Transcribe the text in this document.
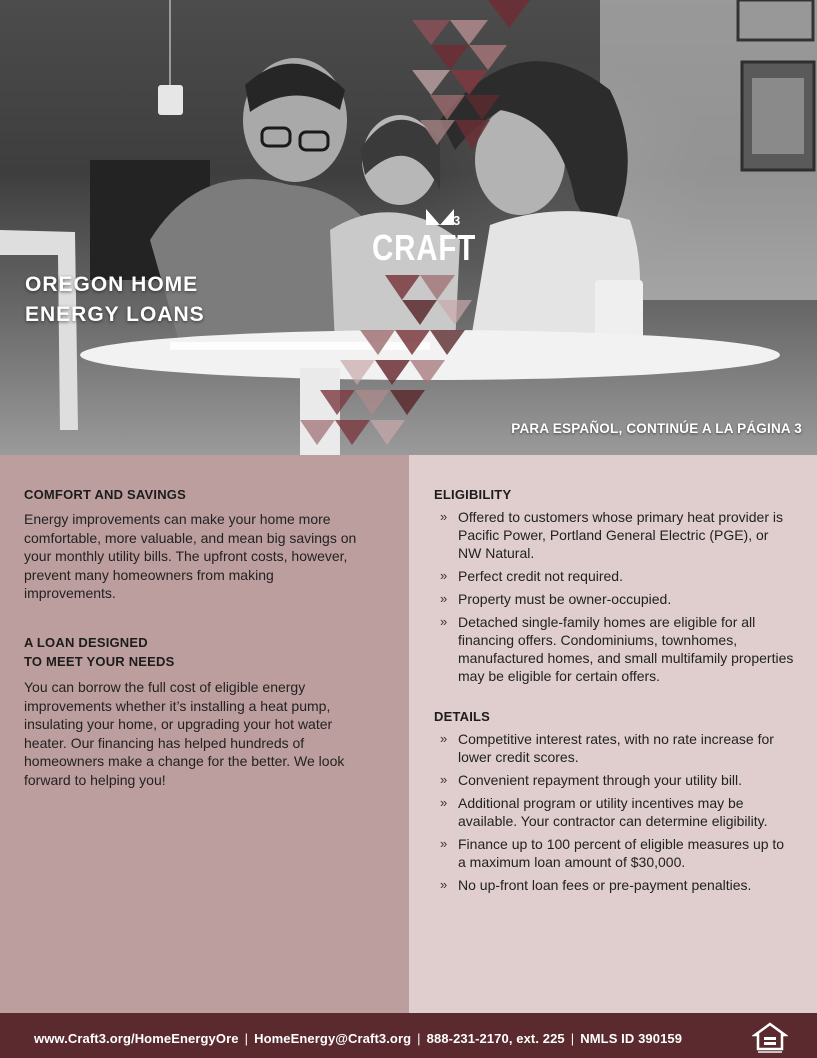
3
CRAFT
OREGON HOME
ENERGY LOANS
PARA ESPAÑOL, CONTINÚE A LA PÁGINA 3
COMFORT AND SAVINGS

Energy improvements can make your home more comfortable, more valuable, and mean big savings on your monthly utility bills. The upfront costs, however, prevent many homeowners from making improvements.

A LOAN DESIGNED
TO MEET YOUR NEEDS

You can borrow the full cost of eligible energy improvements whether it’s installing a heat pump, insulating your home, or upgrading your hot water heater. Our financing has helped hundreds of homeowners make a change for the better. We look forward to helping you!

ELIGIBILITY
» Offered to customers whose primary heat provider is Pacific Power, Portland General Electric (PGE), or NW Natural.
» Perfect credit not required.
» Property must be owner-occupied.
» Detached single-family homes are eligible for all financing offers. Condominiums, townhomes, manufactured homes, and small multifamily properties may be eligible for certain offers.
DETAILS
» Competitive interest rates, with no rate increase for lower credit scores.
» Convenient repayment through your utility bill.
» Additional program or utility incentives may be available. Your contractor can determine eligibility.
» Finance up to 100 percent of eligible measures up to a maximum loan amount of $30,000.
» No up-front loan fees or pre-payment penalties.
www.Craft3.org/HomeEnergyOre | HomeEnergy@Craft3.org | 888-231-2170, ext. 225 | NMLS ID 390159
